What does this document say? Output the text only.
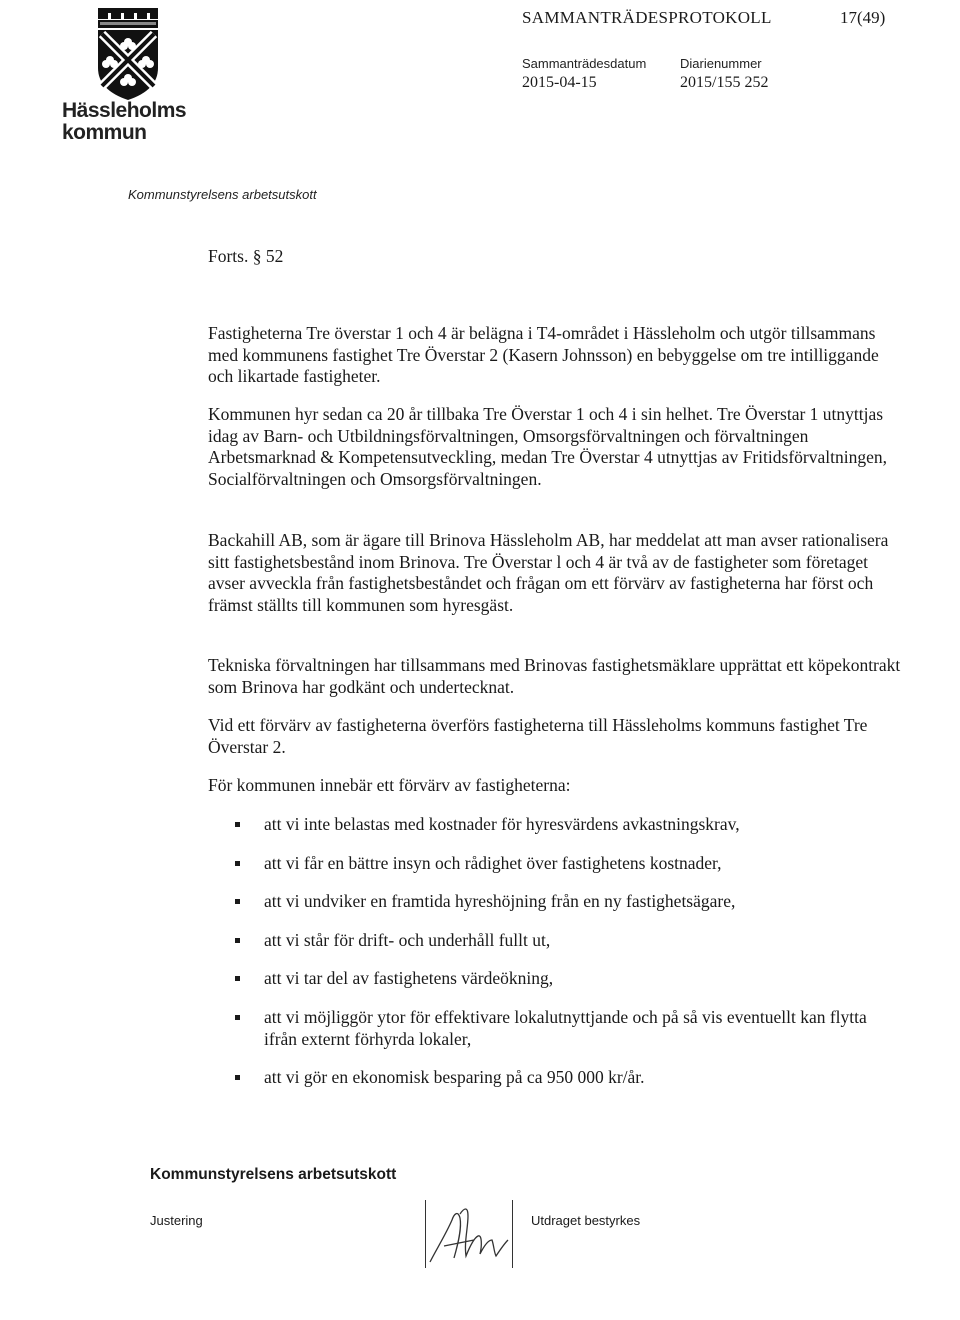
Hässleholms
kommun
SAMMANTRÄDESPROTOKOLL	17(49)
Sammanträdesdatum
2015-04-15
Diarienummer
2015/155 252
Kommunstyrelsens arbetsutskott

Forts. § 52

Fastigheterna Tre överstar 1 och 4 är belägna i T4-området i Hässleholm och utgör tillsammans med kommunens fastighet Tre Överstar 2 (Kasern Johnsson) en bebyggelse om tre intilliggande och likartade fastigheter.

Kommunen hyr sedan ca 20 år tillbaka Tre Överstar 1 och 4 i sin helhet. Tre Överstar 1 utnyttjas idag av Barn- och Utbildningsförvaltningen, Omsorgsförvaltningen och förvaltningen Arbetsmarknad & Kompetensutveckling, medan Tre Överstar 4 utnyttjas av Fritidsförvaltningen, Socialförvaltningen och Omsorgsförvaltningen.

Backahill AB, som är ägare till Brinova Hässleholm AB, har meddelat att man avser rationalisera sitt fastighetsbestånd inom Brinova. Tre Överstar l och 4 är två av de fastigheter som företaget avser avveckla från fastighetsbeståndet och frågan om ett förvärv av fastigheterna har först och främst ställts till kommunen som hyresgäst.

Tekniska förvaltningen har tillsammans med Brinovas fastighetsmäklare upprättat ett köpekontrakt som Brinova har godkänt och undertecknat.

Vid ett förvärv av fastigheterna överförs fastigheterna till Hässleholms kommuns fastighet Tre Överstar 2.

För kommunen innebär ett förvärv av fastigheterna:

att vi inte belastas med kostnader för hyresvärdens avkastningskrav,
att vi får en bättre insyn och rådighet över fastighetens kostnader,
att vi undviker en framtida hyreshöjning från en ny fastighetsägare,
att vi står för drift- och underhåll fullt ut,
att vi tar del av fastighetens värdeökning,
att vi möjliggör ytor för effektivare lokalutnyttjande och på så vis eventuellt kan flytta ifrån externt förhyrda lokaler,
att vi gör en ekonomisk besparing på ca 950 000 kr/år.
Kommunstyrelsens arbetsutskott
Justering	Utdraget bestyrkes
